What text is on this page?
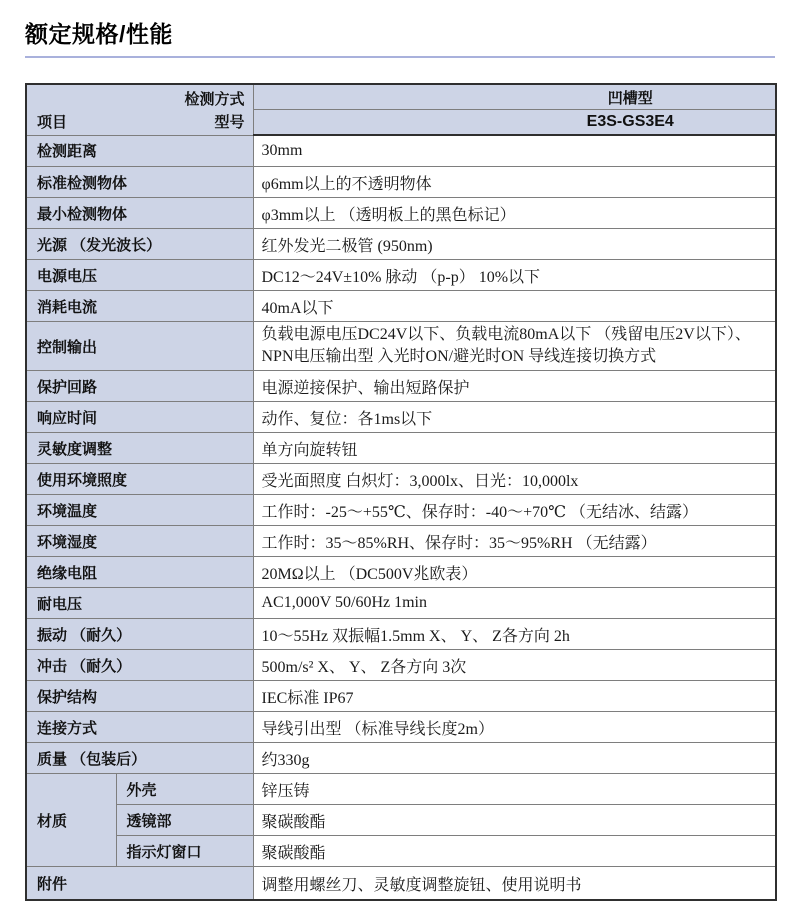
额定规格/性能
检测方式
项目 型号		凹槽型
		E3S-GS3E4
检测距离		30mm
标准检测物体		φ6mm以上的不透明物体
最小检测物体		φ3mm以上 （透明板上的黑色标记）
光源 （发光波长）		红外发光二极管 (950nm)
电源电压		DC12～24V±10% 脉动 （p-p） 10%以下
消耗电流		40mA以下
控制输出		负载电源电压DC24V以下、负载电流80mA以下 （残留电压2V以下）、
NPN电压输出型 入光时ON/避光时ON 导线连接切换方式

保护回路		电源逆接保护、输出短路保护
响应时间		动作、复位：各1ms以下
灵敏度调整		单方向旋转钮
使用环境照度		受光面照度 白炽灯：3,000lx、日光：10,000lx
环境温度		工作时：-25～+55℃、保存时：-40～+70℃ （无结冰、结露）
环境湿度		工作时：35～85%RH、保存时：35～95%RH （无结露）
绝缘电阻		20MΩ以上 （DC500V兆欧表）
耐电压		AC1,000V 50/60Hz 1min
振动 （耐久）		10～55Hz 双振幅1.5mm X、 Y、 Z各方向 2h
冲击 （耐久）		500m/s² X、 Y、 Z各方向 3次
保护结构		IEC标准 IP67
连接方式		导线引出型 （标准导线长度2m）
质量 （包装后）		约330g
材质	外壳	锌压铸
	透镜部	聚碳酸酯
	指示灯窗口	聚碳酸酯
附件		调整用螺丝刀、灵敏度调整旋钮、使用说明书
